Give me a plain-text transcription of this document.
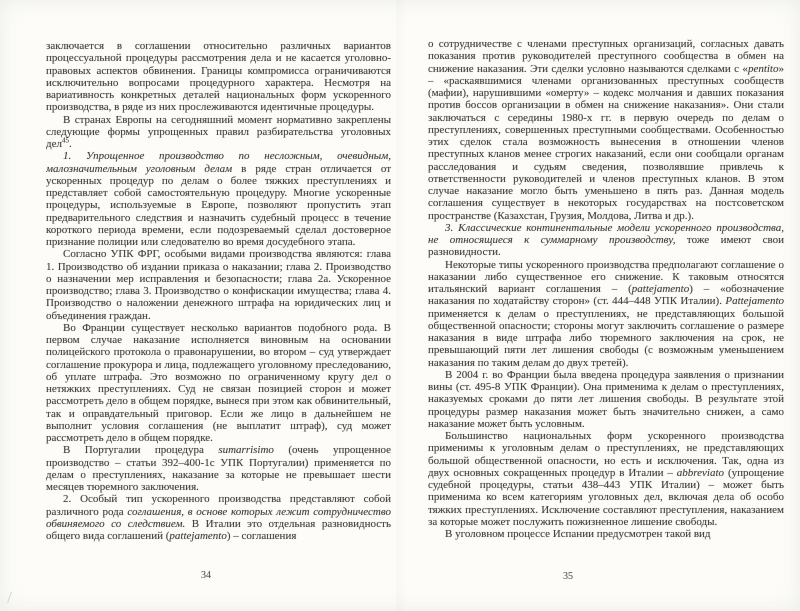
заключается в соглашении относительно различных вариантов процессуальной процедуры рассмотрения дела и не касается уголовно-правовых аспектов обвинения. Границы компромисса ограничиваются исключительно вопросами процедурного характера. Несмотря на вариативность конкретных деталей национальных форм ускоренного производства, в ряде из них прослеживаются идентичные процедуры.

В странах Европы на сегодняшний момент нормативно закреплены следующие формы упрощенных правил разбирательства уголовных дел$^{45}$.

1. Упрощенное производство по несложным, очевидным, малозначительным уголовным делам в ряде стран отличается от ускоренных процедур по делам о более тяжких преступлениях и представляет собой самостоятельную процедуру. Многие ускоренные процедуры, используемые в Европе, позволяют пропустить этап предварительного следствия и назначить судебный процесс в течение короткого периода времени, если подозреваемый сделал достоверное признание полиции или следователю во время досудебного этапа.

Согласно УПК ФРГ, особыми видами производства являются: глава 1. Производство об издании приказа о наказании; глава 2. Производство о назначении мер исправления и безопасности; глава 2а. Ускоренное производство; глава 3. Производство о конфискации имущества; глава 4. Производство о наложении денежного штрафа на юридических лиц и объединения граждан.

Во Франции существует несколько вариантов подобного рода. В первом случае наказание исполняется виновным на основании полицейского протокола о правонарушении, во втором – суд утверждает соглашение прокурора и лица, подлежащего уголовному преследованию, об уплате штрафа. Это возможно по ограниченному кругу дел о нетяжких преступлениях. Суд не связан позицией сторон и может рассмотреть дело в общем порядке, вынеся при этом как обвинительный, так и оправдательный приговор. Если же лицо в дальнейшем не выполнит условия соглашения (не выплатит штраф), суд может рассмотреть дело в общем порядке.

В Португалии процедура sumarrisimo (очень упрощенное производство – статьи 392–400-1с УПК Португалии) применяется по делам о преступлениях, наказание за которые не превышает шести месяцев тюремного заключения.

2. Особый тип ускоренного производства представляют собой различного рода соглашения, в основе которых лежит сотрудничество обвиняемого со следствием. В Италии это отдельная разновидность общего вида соглашений (pattejamento) – соглашения

о сотрудничестве с членами преступных организаций, согласных давать показания против руководителей преступного сообщества в обмен на снижение наказания. Эти сделки условно называются сделками с «pentito» – «раскаявшимися членами организованных преступных сообществ (мафии), нарушившими «омерту» – кодекс молчания и давших показания против боссов организации в обмен на снижение наказания». Они стали заключаться с середины 1980-х гг. в первую очередь по делам о преступлениях, совершенных преступными сообществами. Особенностью этих сделок стала возможность вынесения в отношении членов преступных кланов менее строгих наказаний, если они сообщали органам расследования и судьям сведения, позволявшие привлечь к ответственности руководителей и членов преступных кланов. В этом случае наказание могло быть уменьшено в пять раз. Данная модель соглашения существует в некоторых государствах на постсоветском пространстве (Казахстан, Грузия, Молдова, Литва и др.).

3. Классические континентальные модели ускоренного производства, не относящиеся к суммарному производству, тоже имеют свои разновидности.

Некоторые типы ускоренного производства предполагают соглашение о наказании либо существенное его снижение. К таковым относятся итальянский вариант соглашения – (pattejamento) – «обозначение наказания по ходатайству сторон» (ст. 444–448 УПК Италии). Pattejamento применяется к делам о преступлениях, не представляющих большой общественной опасности; стороны могут заключить соглашение о размере наказания в виде штрафа либо тюремного заключения на срок, не превышающий пяти лет лишения свободы (с возможным уменьшением наказания по таким делам до двух третей).

В 2004 г. во Франции была введена процедура заявления о признании вины (ст. 495-8 УПК Франции). Она применима к делам о преступлениях, наказуемых сроками до пяти лет лишения свободы. В результате этой процедуры размер наказания может быть значительно снижен, а само наказание может быть условным.

Большинство национальных форм ускоренного производства применимы к уголовным делам о преступлениях, не представляющих большой общественной опасности, но есть и исключения. Так, одна из двух основных сокращенных процедур в Италии – abbreviato (упрощение судебной процедуры, статьи 438–443 УПК Италии) – может быть применима ко всем категориям уголовных дел, включая дела об особо тяжких преступлениях. Исключение составляют преступления, наказанием за которые может послужить пожизненное лишение свободы.

В уголовном процессе Испании предусмотрен такой вид

34	35
